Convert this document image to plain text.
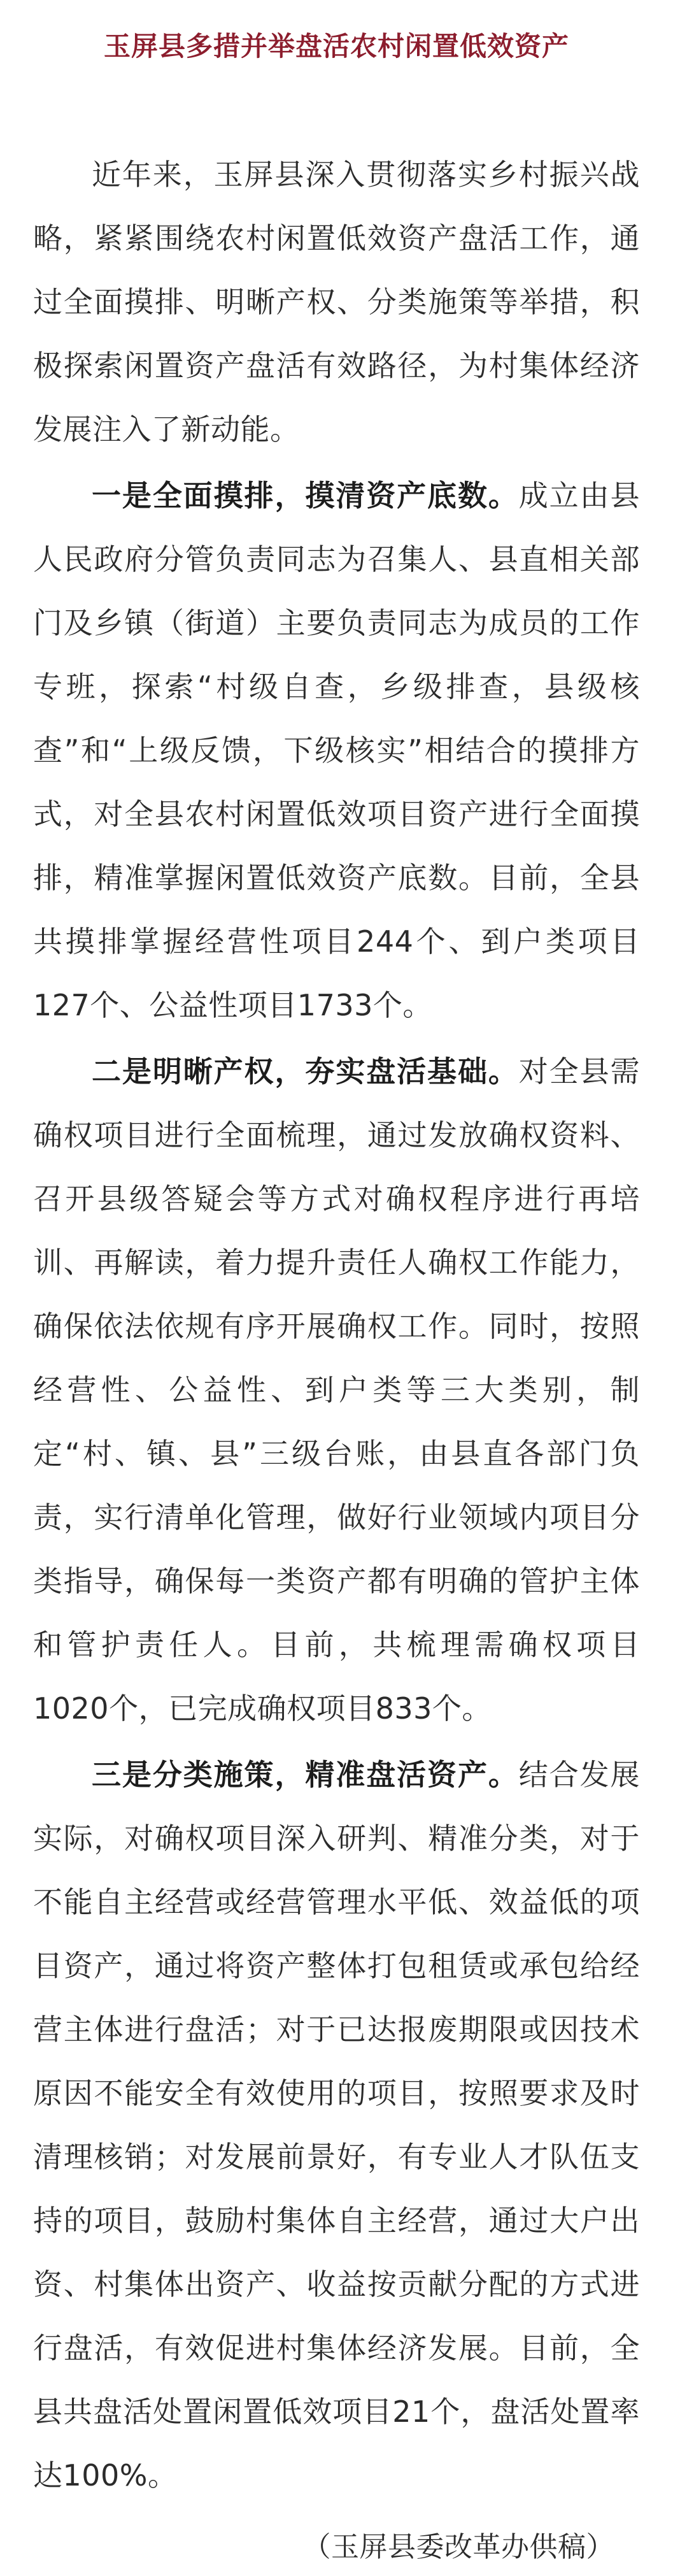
玉屏县多措并举盘活农村闲置低效资产

近年来，玉屏县深入贯彻落实乡村振兴战略，紧紧围绕农村闲置低效资产盘活工作，通过全面摸排、明晰产权、分类施策等举措，积极探索闲置资产盘活有效路径，为村集体经济发展注入了新动能。

一是全面摸排，摸清资产底数。成立由县人民政府分管负责同志为召集人、县直相关部门及乡镇（街道）主要负责同志为成员的工作专班，探索“村级自查，乡级排查，县级核查”和“上级反馈，下级核实”相结合的摸排方式，对全县农村闲置低效项目资产进行全面摸排，精准掌握闲置低效资产底数。目前，全县共摸排掌握经营性项目244个、到户类项目127个、公益性项目1733个。

二是明晰产权，夯实盘活基础。对全县需确权项目进行全面梳理，通过发放确权资料、召开县级答疑会等方式对确权程序进行再培训、再解读，着力提升责任人确权工作能力，确保依法依规有序开展确权工作。同时，按照经营性、公益性、到户类等三大类别，制定“村、镇、县”三级台账，由县直各部门负责，实行清单化管理，做好行业领域内项目分类指导，确保每一类资产都有明确的管护主体和管护责任人。目前，共梳理需确权项目1020个，已完成确权项目833个。

三是分类施策，精准盘活资产。结合发展实际，对确权项目深入研判、精准分类，对于不能自主经营或经营管理水平低、效益低的项目资产，通过将资产整体打包租赁或承包给经营主体进行盘活；对于已达报废期限或因技术原因不能安全有效使用的项目，按照要求及时清理核销；对发展前景好，有专业人才队伍支持的项目，鼓励村集体自主经营，通过大户出资、村集体出资产、收益按贡献分配的方式进行盘活，有效促进村集体经济发展。目前，全县共盘活处置闲置低效项目21个，盘活处置率达100%。

（玉屏县委改革办供稿）
